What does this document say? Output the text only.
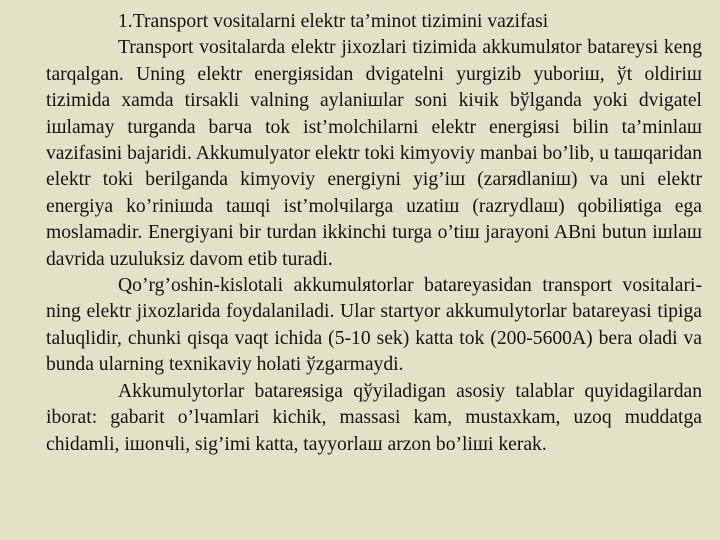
1.Transport vositalarni elektr ta’minot tizimini vazifasi

Transport vositalarda elektr jiхozlari tizimida akkumulяtor batareysi keng tarqalgan. Uning elektr energiяsidan dvigatelni yurgizib yuboriш, ўt oldiriш tizimida хamda tirsakli valning aylaniшlar soni kiчik bўlganda yoki dvigatel iшlamay turganda barчa tok ist’molchilarni elektr energiяsi bilin ta’minlaш vazifasini bajaridi. Akkumulyator elektr toki kimyoviy manbai bo’lib, u taшqaridan elektr toki berilganda kimyoviy energiyni yig’iш (zarяdlaniш) va uni elektr energiya ko’riniшda taшqi ist’molчilarga uzatiш (razrydlaш) qobiliяtiga ega moslamadir. Energiyani bir turdan ikkinchi turga o’tiш jarayoni ABni butun iшlaш davrida uzuluksiz davom etib turadi.

Qo’rg’oshin-kislotali akkumulяtorlar batareyasidan transport vositalari-ning elektr jiхozlarida foydalaniladi. Ular startyor akkumulytorlar batareyasi tipiga taluqlidir, chunki qisqa vaqt ichida (5-10 sek) katta tok (200-5600A) bera oladi va bunda ularning texnikaviy holati ўzgarmaydi.

Akkumulytorlar batareяsiga qўyiladigan asosiy talablar quyidagilardan iborat: gabarit o’lчamlari kichik, massasi kam, mustaxkam, uzoq muddatga chidamli, iшonчli, sig’imi katta, tayyorlaш arzon bo’liшi kerak.
